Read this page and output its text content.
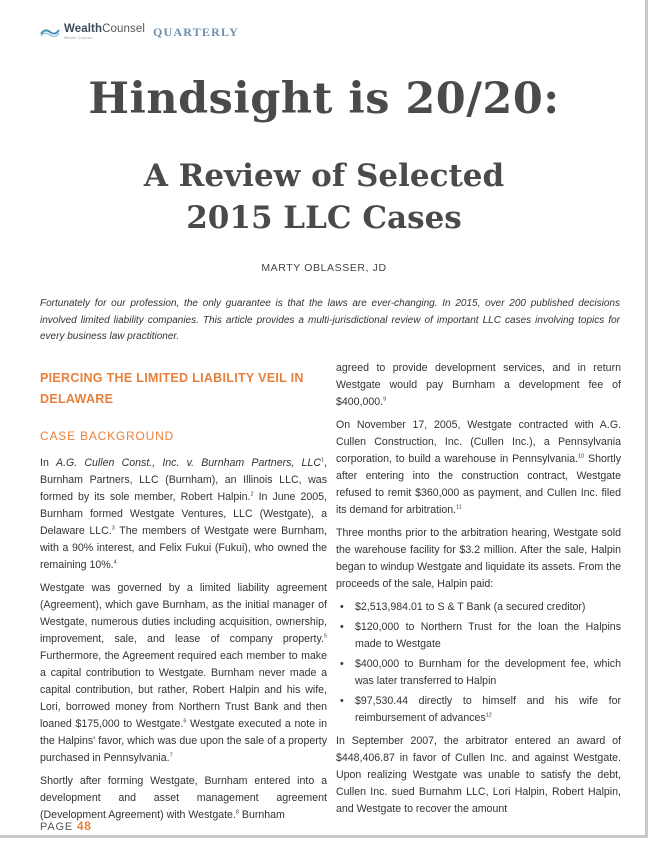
WealthCounsel
Wealth Counsel	QUARTERLY
Hindsight is 20/20:
A Review of Selected
2015 LLC Cases
MARTY OBLASSER, JD

Fortunately for our profession, the only guarantee is that the laws are ever-changing. In 2015, over 200 published decisions involved limited liability companies. This article provides a multi-jurisdictional review of important LLC cases involving topics for every business law practitioner.

PIERCING THE LIMITED LIABILITY VEIL IN DELAWARE
CASE BACKGROUND

In A.G. Cullen Const., Inc. v. Burnham Partners, LLC$^1$, Burnham Partners, LLC (Burnham), an Illinois LLC, was formed by its sole member, Robert Halpin.$^2$ In June 2005, Burnham formed Westgate Ventures, LLC (Westgate), a Delaware LLC.$^3$ The members of Westgate were Burnham, with a 90% interest, and Felix Fukui (Fukui), who owned the remaining 10%.$^4$

Westgate was governed by a limited liability agreement (Agreement), which gave Burnham, as the initial manager of Westgate, numerous duties including acquisition, ownership, improvement, sale, and lease of company property.$^5$ Furthermore, the Agreement required each member to make a capital contribution to Westgate. Burnham never made a capital contribution, but rather, Robert Halpin and his wife, Lori, borrowed money from Northern Trust Bank and then loaned $175,000 to Westgate.$^6$ Westgate executed a note in the Halpins' favor, which was due upon the sale of a property purchased in Pennsylvania.$^7$

Shortly after forming Westgate, Burnham entered into a development and asset management agreement (Development Agreement) with Westgate.$^8$ Burnham

agreed to provide development services, and in return Westgate would pay Burnham a development fee of $400,000.$^9$

On November 17, 2005, Westgate contracted with A.G. Cullen Construction, Inc. (Cullen Inc.), a Pennsylvania corporation, to build a warehouse in Pennsylvania.$^{10}$ Shortly after entering into the construction contract, Westgate refused to remit $360,000 as payment, and Cullen Inc. filed its demand for arbitration.$^{11}$

Three months prior to the arbitration hearing, Westgate sold the warehouse facility for $3.2 million. After the sale, Halpin began to windup Westgate and liquidate its assets. From the proceeds of the sale, Halpin paid:

• $2,513,984.01 to S & T Bank (a secured creditor)
• $120,000 to Northern Trust for the loan the Halpins made to Westgate
• $400,000 to Burnham for the development fee, which was later transferred to Halpin
• $97,530.44 directly to himself and his wife for reimbursement of advances$^{12}$

In September 2007, the arbitrator entered an award of $448,406.87 in favor of Cullen Inc. and against Westgate. Upon realizing Westgate was unable to satisfy the debt, Cullen Inc. sued Burnahm LLC, Lori Halpin, Robert Halpin, and Westgate to recover the amount

PAGE 48
